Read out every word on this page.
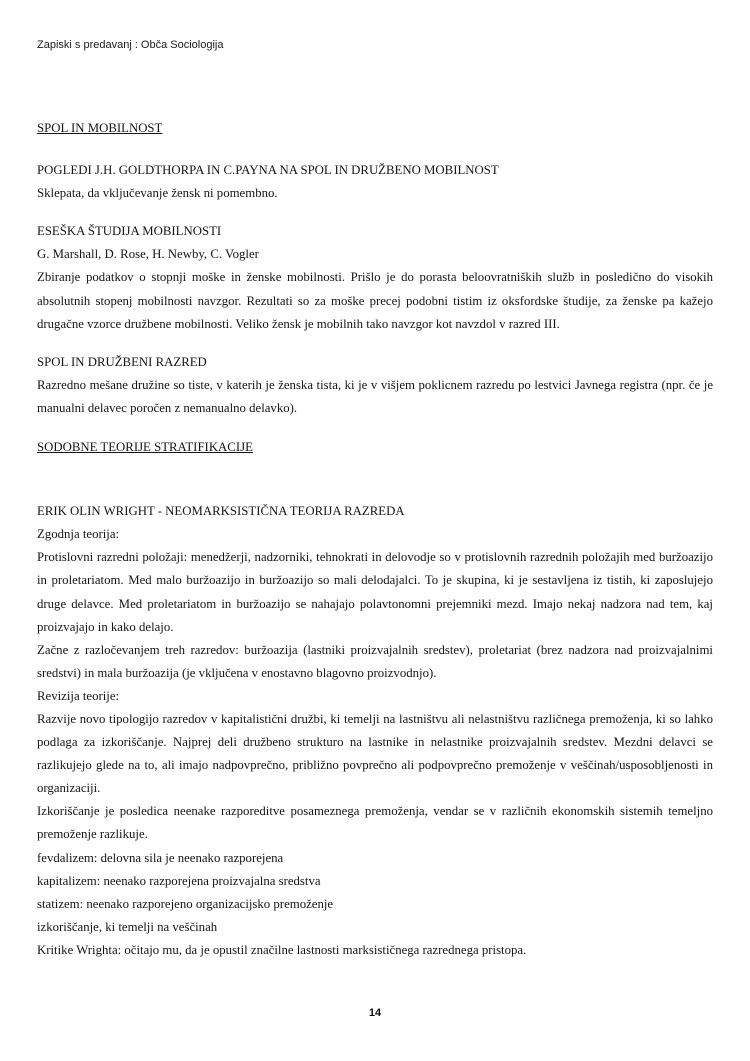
Zapiski s predavanj : Obča Sociologija

SPOL IN MOBILNOST

POGLEDI J.H. GOLDTHORPA IN C.PAYNA NA SPOL IN DRUŽBENO MOBILNOST

Sklepata, da vključevanje žensk ni pomembno.

ESEŠKA ŠTUDIJA MOBILNOSTI

G. Marshall, D. Rose, H. Newby, C. Vogler

Zbiranje podatkov o stopnji moške in ženske mobilnosti. Prišlo je do porasta beloovratniških služb in posledično do visokih absolutnih stopenj mobilnosti navzgor. Rezultati so za moške precej podobni tistim iz oksfordske študije, za ženske pa kažejo drugačne vzorce družbene mobilnosti. Veliko žensk je mobilnih tako navzgor kot navzdol v razred III.

SPOL IN DRUŽBENI RAZRED

Razredno mešane družine so tiste, v katerih je ženska tista, ki je v višjem poklicnem razredu po lestvici Javnega registra (npr. če je manualni delavec poročen z nemanualno delavko).

SODOBNE TEORIJE STRATIFIKACIJE

ERIK OLIN WRIGHT - NEOMARKSISTIČNA TEORIJA RAZREDA

Zgodnja teorija:

Protislovni razredni položaji: menedžerji, nadzorniki, tehnokrati in delovodje so v protislovnih razrednih položajih med buržoazijo in proletariatom. Med malo buržoazijo in buržoazijo so mali delodajalci. To je skupina, ki je sestavljena iz tistih, ki zaposlujejo druge delavce. Med proletariatom in buržoazijo se nahajajo polavtonomni prejemniki mezd. Imajo nekaj nadzora nad tem, kaj proizvajajo in kako delajo.

Začne z razločevanjem treh razredov: buržoazija (lastniki proizvajalnih sredstev), proletariat (brez nadzora nad proizvajalnimi sredstvi) in mala buržoazija (je vključena v enostavno blagovno proizvodnjo).

Revizija teorije:

Razvije novo tipologijo razredov v kapitalistični družbi, ki temelji na lastništvu ali nelastništvu različnega premoženja, ki so lahko podlaga za izkoriščanje. Najprej deli družbeno strukturo na lastnike in nelastnike proizvajalnih sredstev. Mezdni delavci se razlikujejo glede na to, ali imajo nadpovprečno, približno povprečno ali podpovprečno premoženje v veščinah/usposobljenosti in organizaciji.

Izkoriščanje je posledica neenake razporeditve posameznega premoženja, vendar se v različnih ekonomskih sistemih temeljno premoženje razlikuje.

fevdalizem: delovna sila je neenako razporejena

kapitalizem: neenako razporejena proizvajalna sredstva

statizem: neenako razporejeno organizacijsko premoženje

izkoriščanje, ki temelji na veščinah

Kritike Wrighta: očitajo mu, da je opustil značilne lastnosti marksističnega razrednega pristopa.

14
